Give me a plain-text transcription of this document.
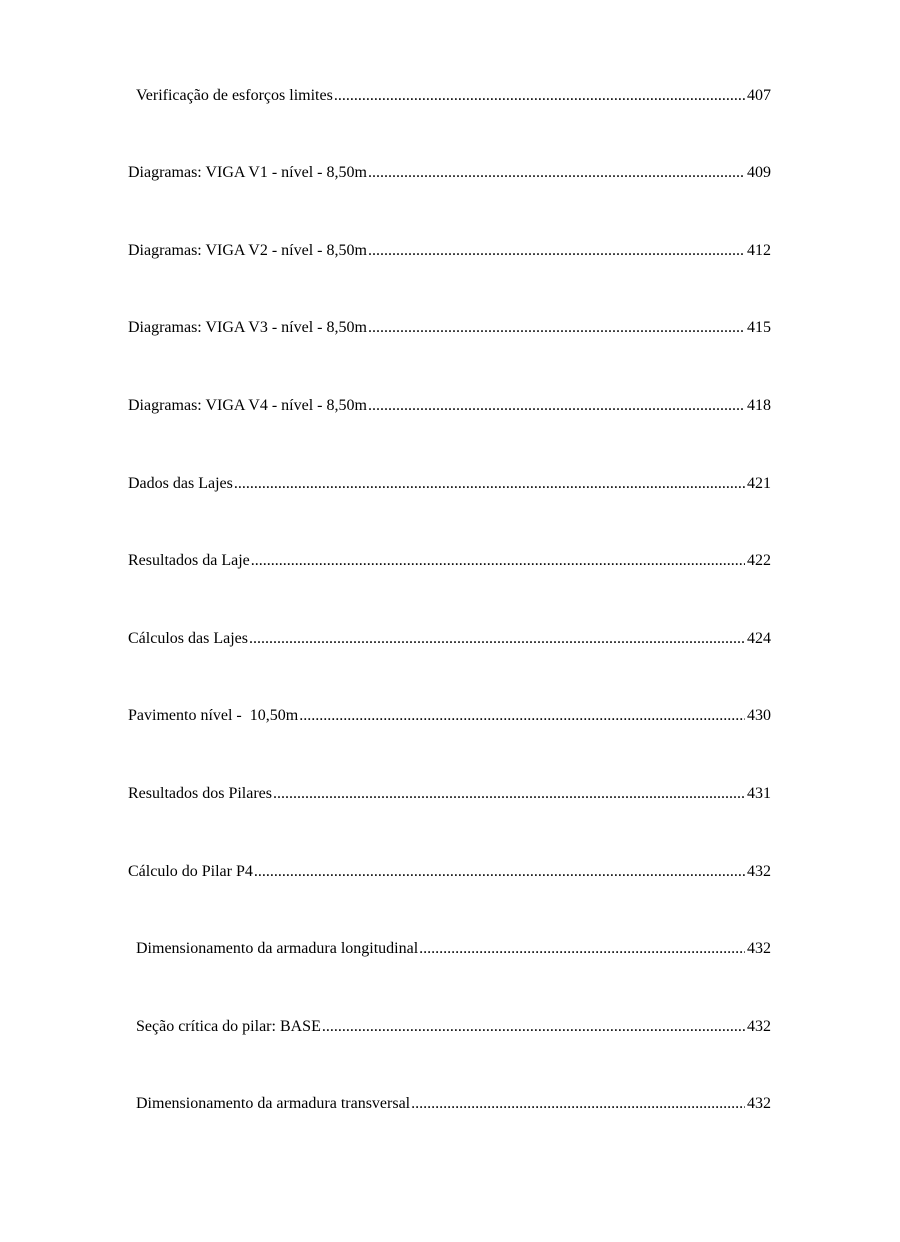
Verificação de esforços limites .....	407
Diagramas: VIGA V1 - nível - 8,50m .....	409
Diagramas: VIGA V2 - nível - 8,50m .....	412
Diagramas: VIGA V3 - nível - 8,50m .....	415
Diagramas: VIGA V4 - nível - 8,50m .....	418
Dados das Lajes .....	421
Resultados da Laje .....	422
Cálculos das Lajes .....	424
Pavimento nível -  10,50m .....	430
Resultados dos Pilares .....	431
Cálculo do Pilar P4 .....	432
Dimensionamento da armadura longitudinal .....	432
Seção crítica do pilar: BASE .....	432
Dimensionamento da armadura transversal .....	432
